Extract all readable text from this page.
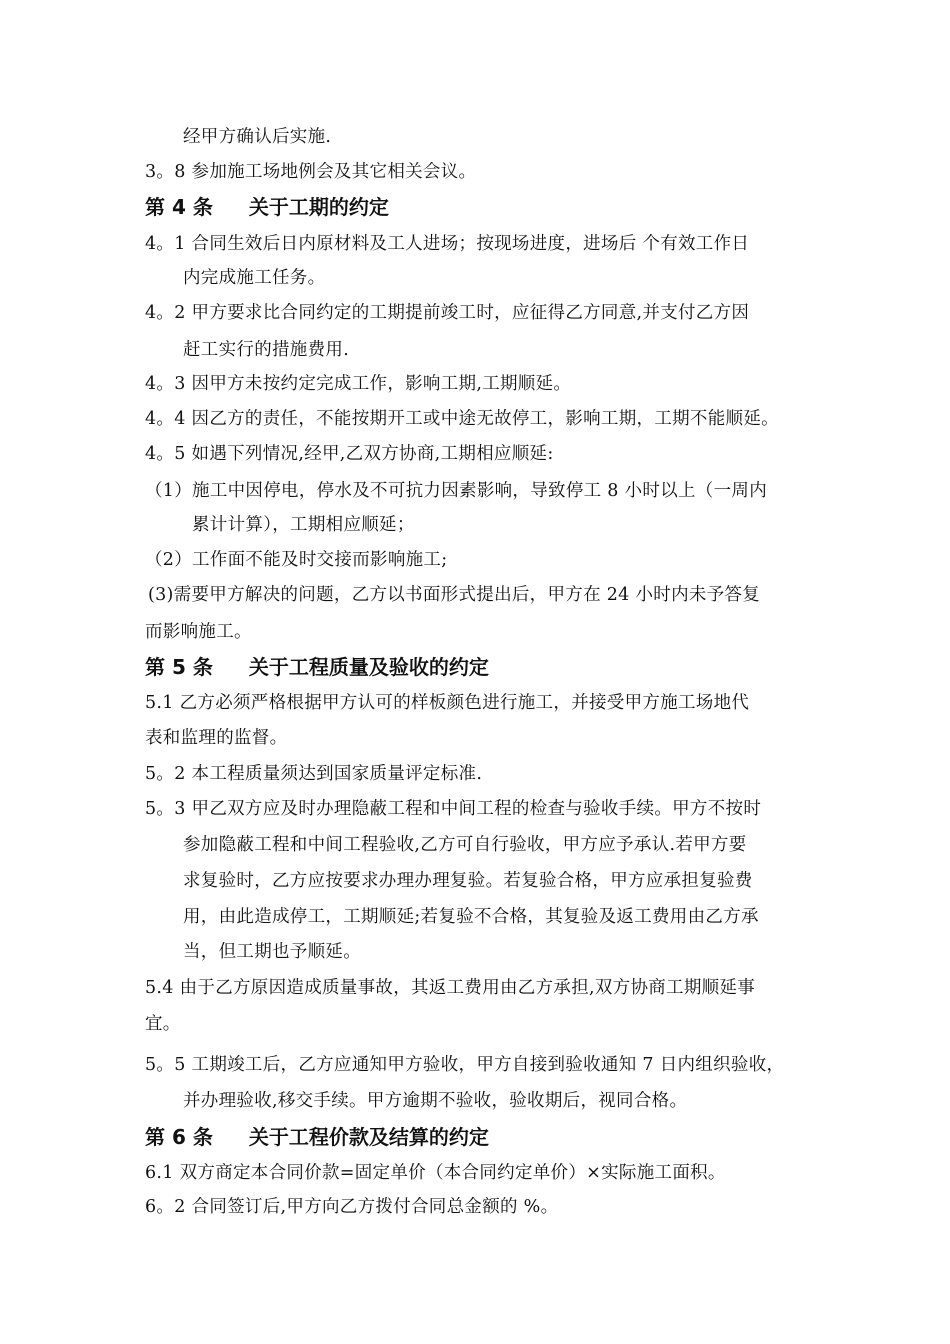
经甲方确认后实施.
3。8 参加施工场地例会及其它相关会议。
第 4 条 关于工期的约定
4。1 合同生效后日内原材料及工人进场；按现场进度，进场后 个有效工作日
内完成施工任务。
4。2 甲方要求比合同约定的工期提前竣工时，应征得乙方同意,并支付乙方因
赶工实行的措施费用.
4。3 因甲方未按约定完成工作，影响工期,工期顺延。
4。4 因乙方的责任，不能按期开工或中途无故停工，影响工期，工期不能顺延。
4。5 如遇下列情况,经甲,乙双方协商,工期相应顺延:
（1）施工中因停电，停水及不可抗力因素影响，导致停工 8 小时以上（一周内
累计计算），工期相应顺延；
（2）工作面不能及时交接而影响施工;
(3)需要甲方解决的问题，乙方以书面形式提出后，甲方在 24 小时内未予答复
而影响施工。
第 5 条 关于工程质量及验收的约定
5.1 乙方必须严格根据甲方认可的样板颜色进行施工，并接受甲方施工场地代
表和监理的监督。
5。2 本工程质量须达到国家质量评定标准.
5。3 甲乙双方应及时办理隐蔽工程和中间工程的检查与验收手续。甲方不按时
参加隐蔽工程和中间工程验收,乙方可自行验收，甲方应予承认.若甲方要
求复验时，乙方应按要求办理办理复验。若复验合格，甲方应承担复验费
用，由此造成停工，工期顺延;若复验不合格，其复验及返工费用由乙方承
当，但工期也予顺延。
5.4 由于乙方原因造成质量事故，其返工费用由乙方承担,双方协商工期顺延事
宜。
5。5 工期竣工后，乙方应通知甲方验收，甲方自接到验收通知 7 日内组织验收，
并办理验收,移交手续。甲方逾期不验收，验收期后，视同合格。
第 6 条 关于工程价款及结算的约定
6.1 双方商定本合同价款=固定单价（本合同约定单价）×实际施工面积。
6。2 合同签订后,甲方向乙方拨付合同总金额的 %。
